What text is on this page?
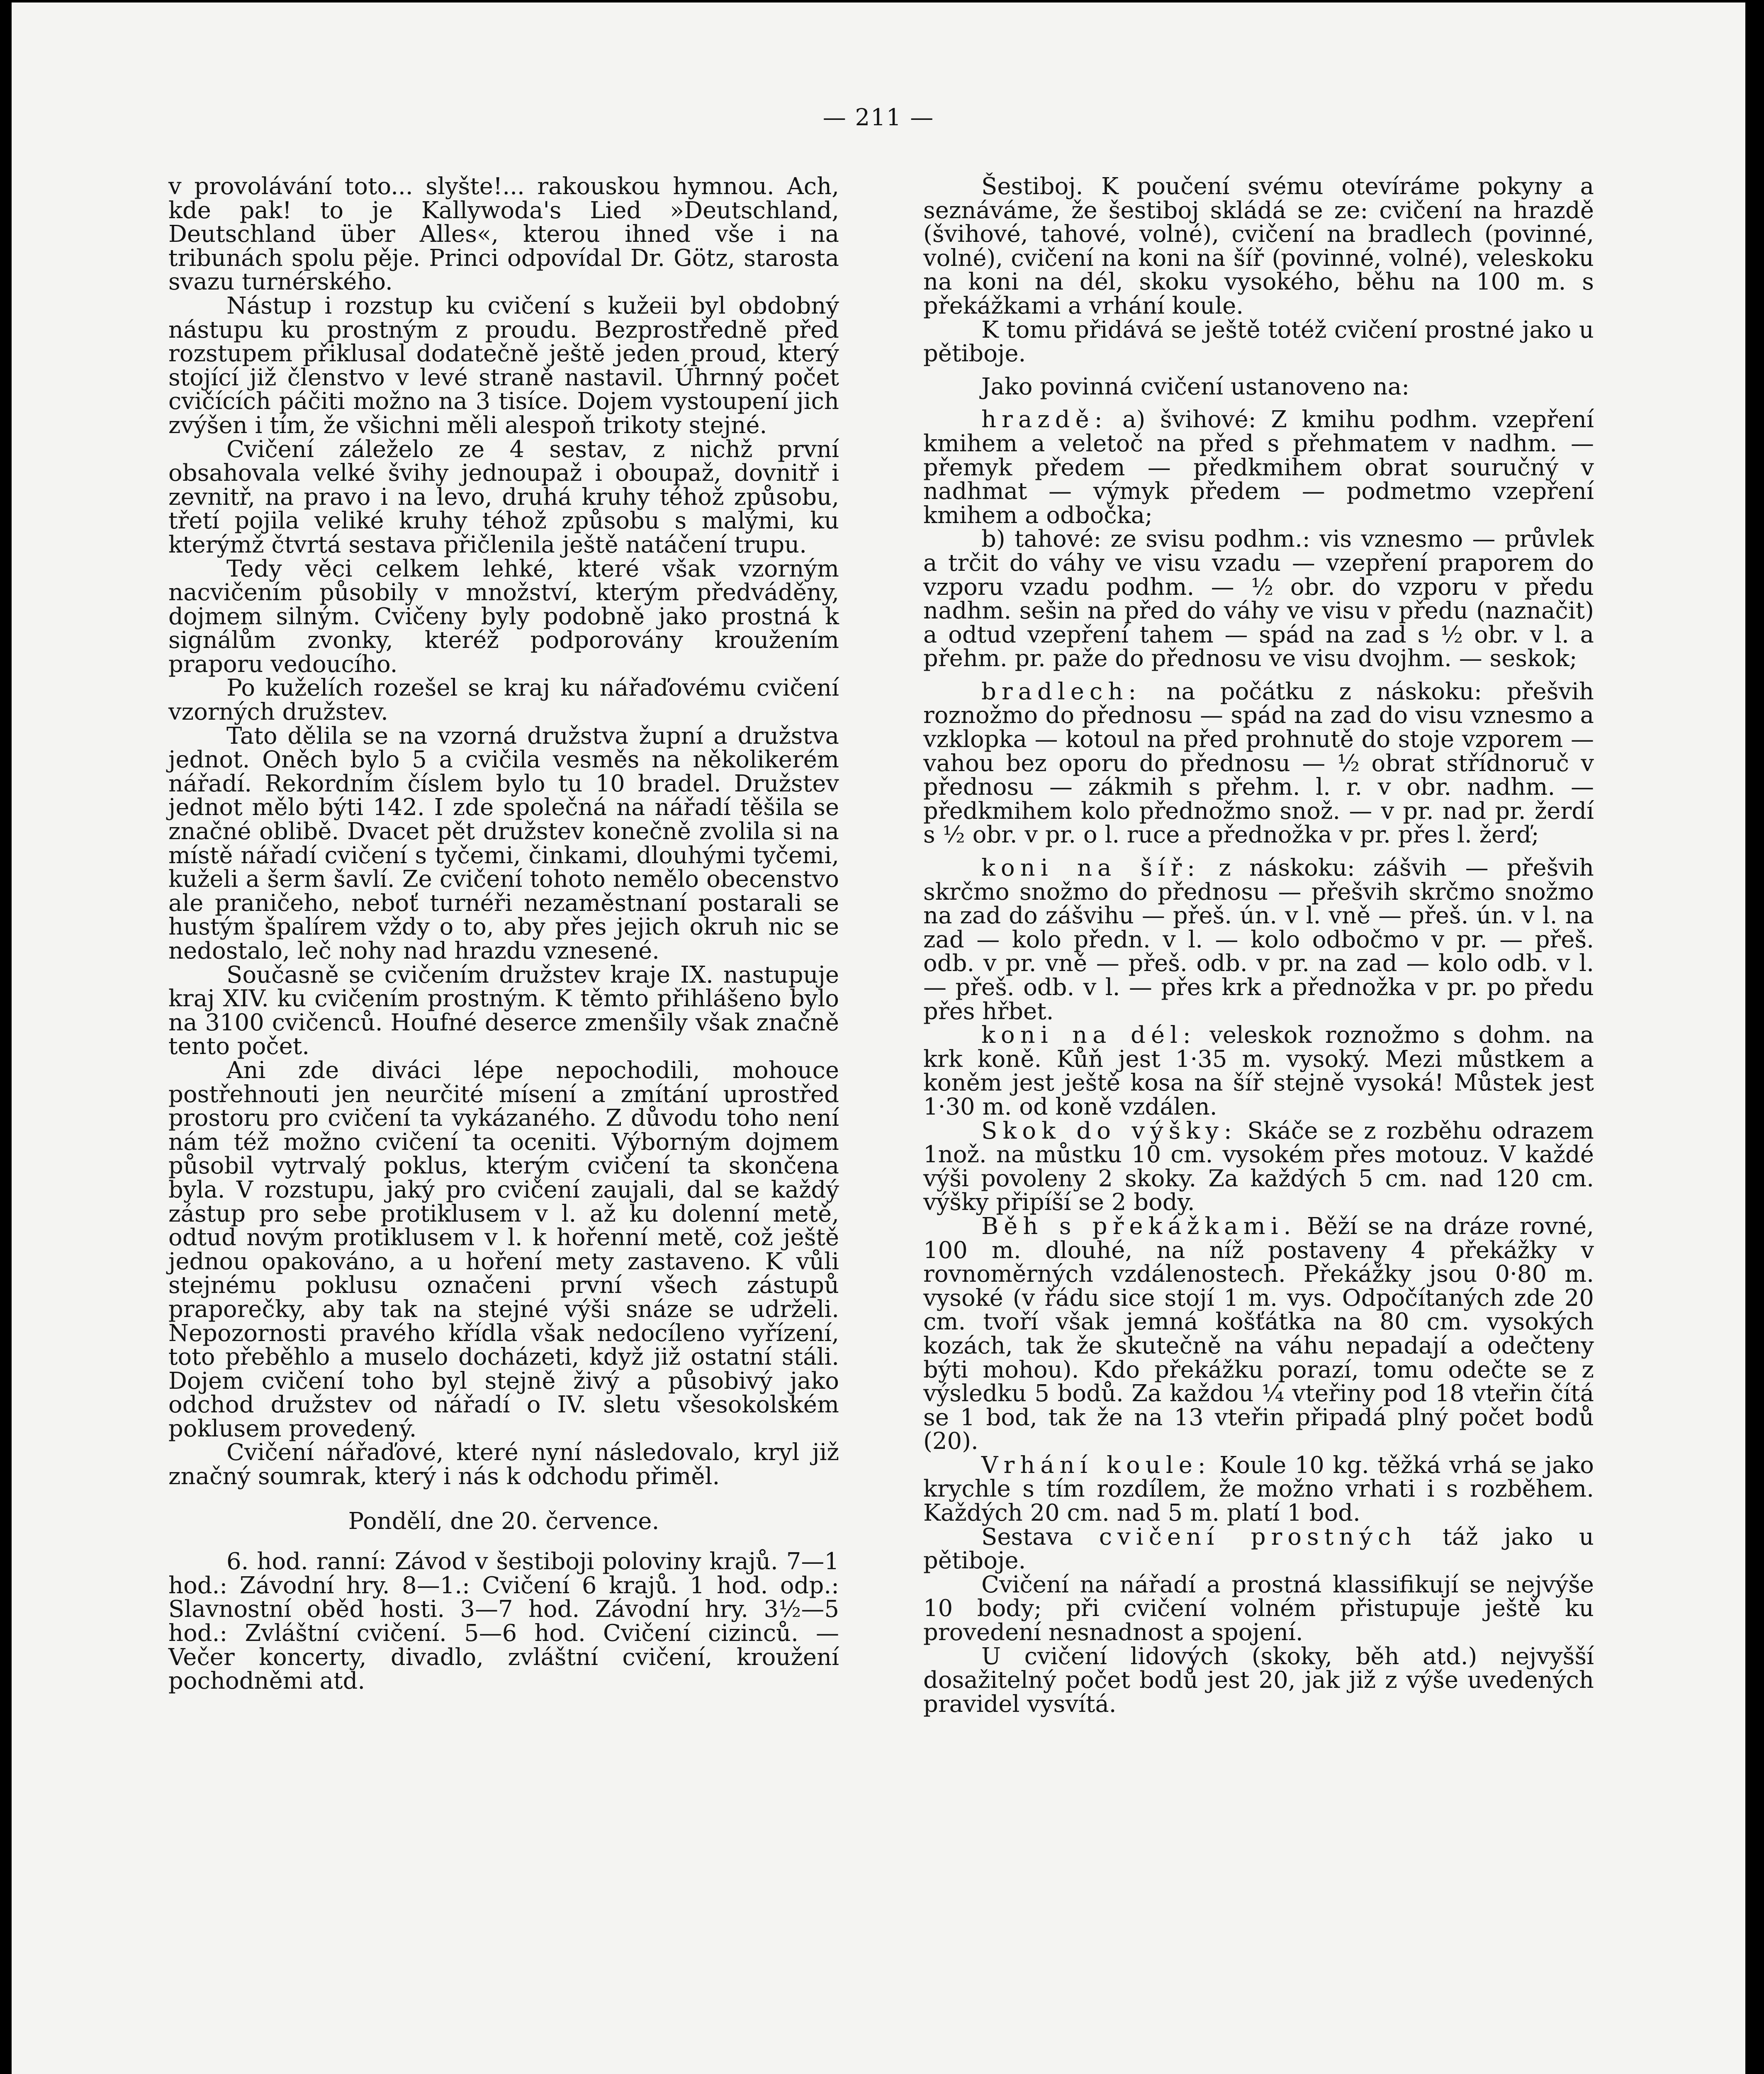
— 211 —

v provolávání toto... slyšte!... rakouskou hymnou. Ach, kde pak! to je Kallywoda's Lied »Deutschland, Deutschland über Alles«, kterou ihned vše i na tribunách spolu pěje. Princi odpovídal Dr. Götz, starosta svazu turnérského.

Nástup i rozstup ku cvičení s kužeii byl obdobný nástupu ku prostným z proudu. Bezprostředně před rozstupem přiklusal dodatečně ještě jeden proud, který stojící již členstvo v levé straně nastavil. Úhrnný počet cvičících páčiti možno na 3 tisíce. Dojem vystoupení jich zvýšen i tím, že všichni měli alespoň trikoty stejné.

Cvičení záleželo ze 4 sestav, z nichž první obsahovala velké švihy jednoupaž i oboupaž, dovnitř i zevnitř, na pravo i na levo, druhá kruhy téhož způsobu, třetí pojila veliké kruhy téhož způsobu s malými, ku kterýmž čtvrtá sestava přičlenila ještě natáčení trupu.

Tedy věci celkem lehké, které však vzorným nacvičením působily v množství, kterým předváděny, dojmem silným. Cvičeny byly podobně jako prostná k signálům zvonky, kteréž podporovány kroužením praporu vedoucího.

Po kuželích rozešel se kraj ku nářaďovému cvičení vzorných družstev.

Tato dělila se na vzorná družstva župní a družstva jednot. Oněch bylo 5 a cvičila vesměs na několikerém nářadí. Rekordním číslem bylo tu 10 bradel. Družstev jednot mělo býti 142. I zde společná na nářadí těšila se značné oblibě. Dvacet pět družstev konečně zvolila si na místě nářadí cvičení s tyčemi, činkami, dlouhými tyčemi, kuželi a šerm šavlí. Ze cvičení tohoto nemělo obecenstvo ale praničeho, neboť turnéři nezaměstnaní postarali se hustým špalírem vždy o to, aby přes jejich okruh nic se nedostalo, leč nohy nad hrazdu vznesené.

Současně se cvičením družstev kraje IX. nastupuje kraj XIV. ku cvičením prostným. K těmto přihlášeno bylo na 3100 cvičenců. Houfné deserce zmenšily však značně tento počet.

Ani zde diváci lépe nepochodili, mohouce postřehnouti jen neurčité mísení a zmítání uprostřed prostoru pro cvičení ta vykázaného. Z důvodu toho není nám též možno cvičení ta oceniti. Výborným dojmem působil vytrvalý poklus, kterým cvičení ta skončena byla. V rozstupu, jaký pro cvičení zaujali, dal se každý zástup pro sebe protiklusem v l. až ku dolenní metě, odtud novým protiklusem v l. k hořenní metě, což ještě jednou opakováno, a u hoření mety zastaveno. K vůli stejnému poklusu označeni první všech zástupů praporečky, aby tak na stejné výši snáze se udrželi. Nepozornosti pravého křídla však nedocíleno vyřízení, toto přeběhlo a muselo docházeti, když již ostatní stáli. Dojem cvičení toho byl stejně živý a působivý jako odchod družstev od nářadí o IV. sletu všesokolském poklusem provedený.

Cvičení nářaďové, které nyní následovalo, kryl již značný soumrak, který i nás k odchodu přiměl.

Pondělí, dne 20. července.

6. hod. ranní: Závod v šestiboji poloviny krajů. 7—1 hod.: Závodní hry. 8—1.: Cvičení 6 krajů. 1 hod. odp.: Slavnostní oběd hosti. 3—7 hod. Závodní hry. 3½—5 hod.: Zvláštní cvičení. 5—6 hod. Cvičení cizinců. — Večer koncerty, divadlo, zvláštní cvičení, kroužení pochodněmi atd.

Šestiboj. K poučení svému otevíráme pokyny a seznáváme, že šestiboj skládá se ze: cvičení na hrazdě (švihové, tahové, volné), cvičení na bradlech (povinné, volné), cvičení na koni na šíř (povinné, volné), veleskoku na koni na dél, skoku vysokého, běhu na 100 m. s překážkami a vrhání koule.

K tomu přidává se ještě totéž cvičení prostné jako u pětiboje.

Jako povinná cvičení ustanoveno na:

hrazdě: a) švihové: Z kmihu podhm. vzepření kmihem a veletoč na před s přehmatem v nadhm. — přemyk předem — předkmihem obrat souručný v nadhmat — výmyk předem — podmetmo vzepření kmihem a odbočka;

b) tahové: ze svisu podhm.: vis vznesmo — průvlek a trčit do váhy ve visu vzadu — vzepření praporem do vzporu vzadu podhm. — ½ obr. do vzporu v předu nadhm. sešin na před do váhy ve visu v předu (naznačit) a odtud vzepření tahem — spád na zad s ½ obr. v l. a přehm. pr. paže do přednosu ve visu dvojhm. — seskok;

bradlech: na počátku z náskoku: přešvih roznožmo do přednosu — spád na zad do visu vznesmo a vzklopka — kotoul na před prohnutě do stoje vzporem — vahou bez oporu do přednosu — ½ obrat střídnoruč v přednosu — zákmih s přehm. l. r. v obr. nadhm. — předkmihem kolo přednožmo snož. — v pr. nad pr. žerdí s ½ obr. v pr. o l. ruce a přednožka v pr. přes l. žerď;

koni na šíř: z náskoku: zášvih — přešvih skrčmo snožmo do přednosu — přešvih skrčmo snožmo na zad do zášvihu — přeš. ún. v l. vně — přeš. ún. v l. na zad — kolo předn. v l. — kolo odbočmo v pr. — přeš. odb. v pr. vně — přeš. odb. v pr. na zad — kolo odb. v l. — přeš. odb. v l. — přes krk a přednožka v pr. po předu přes hřbet.

koni na dél: veleskok roznožmo s dohm. na krk koně. Kůň jest 1·35 m. vysoký. Mezi můstkem a koněm jest ještě kosa na šíř stejně vysoká! Můstek jest 1·30 m. od koně vzdálen.

Skok do výšky: Skáče se z rozběhu odrazem 1nož. na můstku 10 cm. vysokém přes motouz. V každé výši povoleny 2 skoky. Za každých 5 cm. nad 120 cm. výšky připíší se 2 body.

Běh s překážkami. Běží se na dráze rovné, 100 m. dlouhé, na níž postaveny 4 překážky v rovnoměrných vzdálenostech. Překážky jsou 0·80 m. vysoké (v řádu sice stojí 1 m. vys. Odpočítaných zde 20 cm. tvoří však jemná košťátka na 80 cm. vysokých kozách, tak že skutečně na váhu nepadají a odečteny býti mohou). Kdo překážku porazí, tomu odečte se z výsledku 5 bodů. Za každou ¼ vteřiny pod 18 vteřin čítá se 1 bod, tak že na 13 vteřin připadá plný počet bodů (20).

Vrhání koule: Koule 10 kg. těžká vrhá se jako krychle s tím rozdílem, že možno vrhati i s rozběhem. Každých 20 cm. nad 5 m. platí 1 bod.

Sestava cvičení prostných táž jako u pětiboje.

Cvičení na nářadí a prostná klassifikují se nejvýše 10 body; při cvičení volném přistupuje ještě ku provedení nesnadnost a spojení.

U cvičení lidových (skoky, běh atd.) nejvyšší dosažitelný počet bodů jest 20, jak již z výše uvedených pravidel vysvítá.
